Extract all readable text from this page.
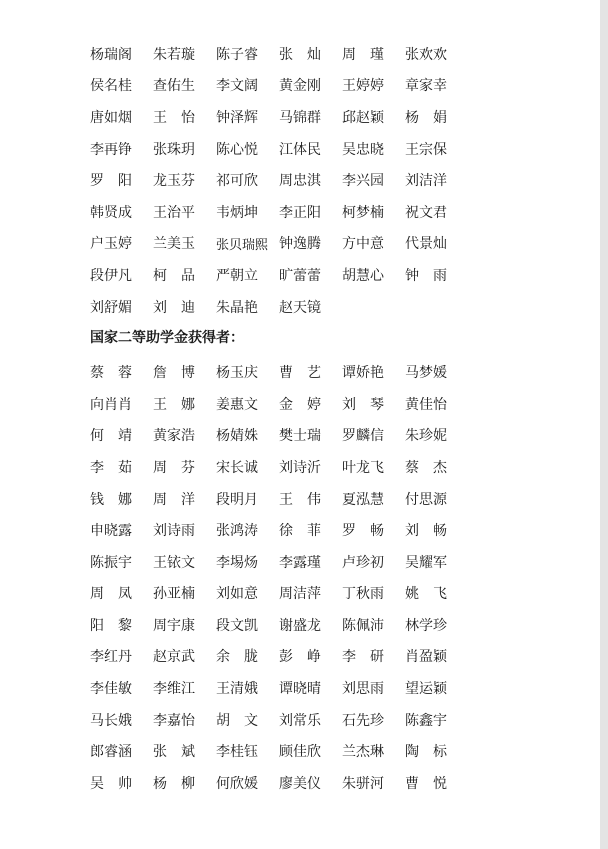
杨瑞阁 朱若璇 陈子睿 张 灿 周 瑾 张欢欢
侯名桂 查佑生 李文阔 黄金刚 王婷婷 章家幸
唐如烟 王 怡 钟泽辉 马锦群 邱赵颖 杨 娟
李再铮 张珠玥 陈心悦 江体民 吴忠晓 王宗保
罗 阳 龙玉芬 祁可欣 周忠淇 李兴园 刘洁洋
韩贤成 王治平 韦炳坤 李正阳 柯梦楠 祝文君
户玉婷 兰美玉 张贝瑞熙 钟逸腾 方中意 代景灿
段伊凡 柯 品 严朝立 旷蕾蕾 胡慧心 钟 雨
刘舒媚 刘 迪 朱晶艳 赵天镜
国家二等助学金获得者：
蔡 蓉 詹 博 杨玉庆 曹 艺 谭娇艳 马梦媛
向肖肖 王 娜 姜惠文 金 婷 刘 琴 黄佳怡
何 靖 黄家浩 杨婧姝 樊士瑞 罗麟信 朱珍妮
李 茹 周 芬 宋长诚 刘诗沂 叶龙飞 蔡 杰
钱 娜 周 洋 段明月 王 伟 夏泓慧 付思源
申晓露 刘诗雨 张鸿涛 徐 菲 罗 畅 刘 畅
陈振宇 王铱文 李埸炀 李露瑾 卢珍初 吴耀军
周 凤 孙亚楠 刘如意 周洁萍 丁秋雨 姚 飞
阳 黎 周宇康 段文凯 谢盛龙 陈佩沛 林学珍
李红丹 赵京武 余 胧 彭 峥 李 研 肖盈颖
李佳敏 李维江 王清娥 谭晓晴 刘思雨 望运颖
马长娥 李嘉怡 胡 文 刘常乐 石先珍 陈鑫宇
郎睿涵 张 斌 李桂钰 顾佳欣 兰杰琳 陶 标
吴 帅 杨 柳 何欣媛 廖美仪 朱骈河 曹 悦
